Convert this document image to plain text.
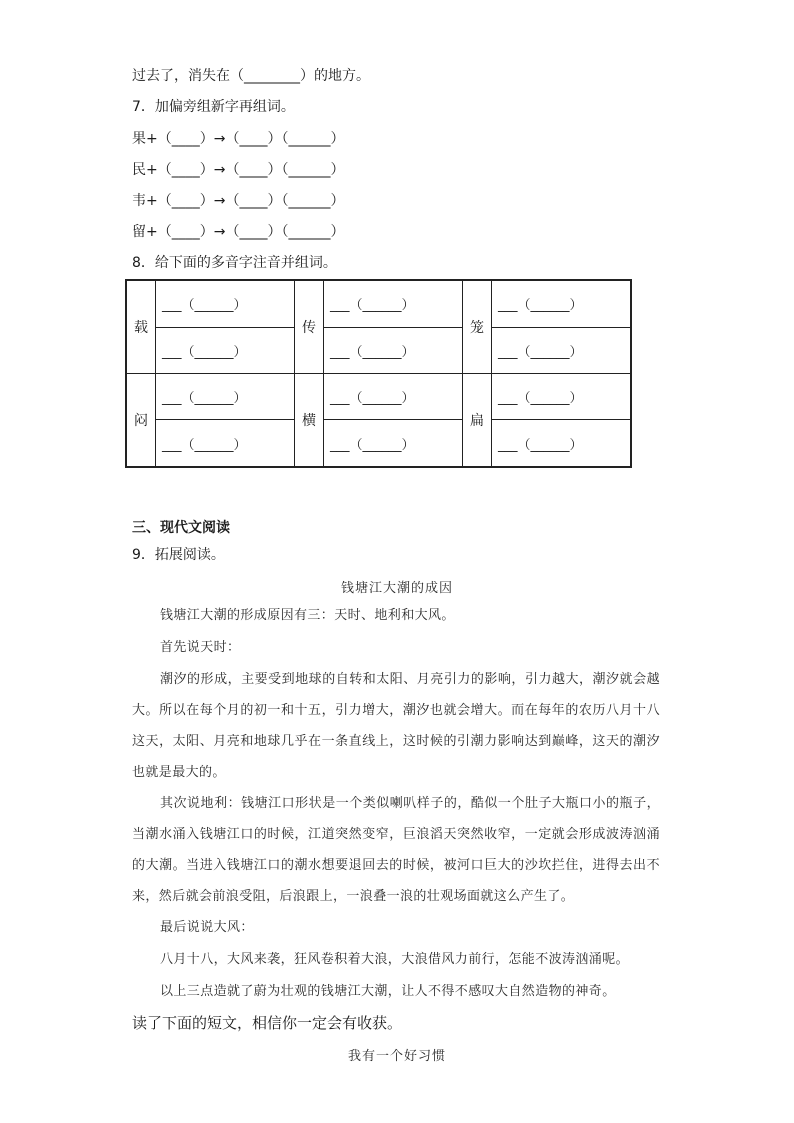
过去了，消失在（________）的地方。
7．加偏旁组新字再组词。
果+（____）→（____）（______）
民+（____）→（____）（______）
韦+（____）→（____）（______）
留+（____）→（____）（______）
8．给下面的多音字注音并组词。
载	___（______）	传	___（______）	笼	___（______）
	___（______）		___（______）		___（______）
闷	___（______）	横	___（______）	扁	___（______）
	___（______）		___（______）		___（______）
三、现代文阅读
9．拓展阅读。
钱塘江大潮的成因
钱塘江大潮的形成原因有三：天时、地利和大风。
首先说天时：
潮汐的形成，主要受到地球的自转和太阳、月亮引力的影响，引力越大，潮汐就会越大。所以在每个月的初一和十五，引力增大，潮汐也就会增大。而在每年的农历八月十八这天，太阳、月亮和地球几乎在一条直线上，这时候的引潮力影响达到巅峰，这天的潮汐也就是最大的。
其次说地利：钱塘江口形状是一个类似喇叭样子的，酷似一个肚子大瓶口小的瓶子，当潮水涌入钱塘江口的时候，江道突然变窄，巨浪滔天突然收窄，一定就会形成波涛汹涌的大潮。当进入钱塘江口的潮水想要退回去的时候，被河口巨大的沙坎拦住，进得去出不来，然后就会前浪受阻，后浪跟上，一浪叠一浪的壮观场面就这么产生了。
最后说说大风：
八月十八，大风来袭，狂风卷积着大浪，大浪借风力前行，怎能不波涛汹涌呢。
以上三点造就了蔚为壮观的钱塘江大潮，让人不得不感叹大自然造物的神奇。
读了下面的短文，相信你一定会有收获。
我有一个好习惯
